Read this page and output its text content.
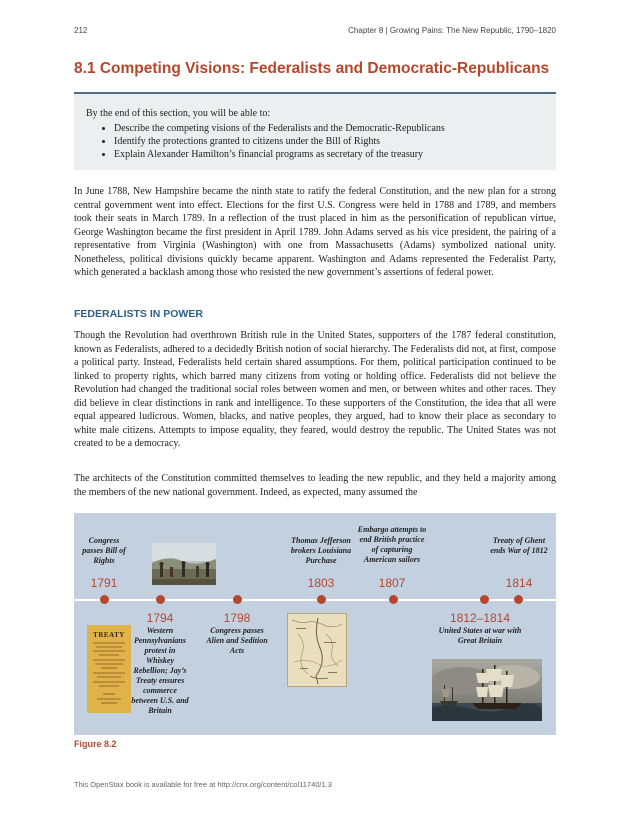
212	Chapter 8 | Growing Pains: The New Republic, 1790–1820
8.1 Competing Visions: Federalists and Democratic-Republicans
By the end of this section, you will be able to:
• Describe the competing visions of the Federalists and the Democratic-Republicans
• Identify the protections granted to citizens under the Bill of Rights
• Explain Alexander Hamilton’s financial programs as secretary of the treasury

In June 1788, New Hampshire became the ninth state to ratify the federal Constitution, and the new plan for a strong central government went into effect. Elections for the first U.S. Congress were held in 1788 and 1789, and members took their seats in March 1789. In a reflection of the trust placed in him as the personification of republican virtue, George Washington became the first president in April 1789. John Adams served as his vice president, the pairing of a representative from Virginia (Washington) with one from Massachusetts (Adams) symbolized national unity. Nonetheless, political divisions quickly became apparent. Washington and Adams represented the Federalist Party, which generated a backlash among those who resisted the new government’s assertions of federal power.

FEDERALISTS IN POWER

Though the Revolution had overthrown British rule in the United States, supporters of the 1787 federal constitution, known as Federalists, adhered to a decidedly British notion of social hierarchy. The Federalists did not, at first, compose a political party. Instead, Federalists held certain shared assumptions. For them, political participation continued to be linked to property rights, which barred many citizens from voting or holding office. Federalists did not believe the Revolution had changed the traditional social roles between women and men, or between whites and other races. They did believe in clear distinctions in rank and intelligence. To these supporters of the Constitution, the idea that all were equal appeared ludicrous. Women, blacks, and native peoples, they argued, had to know their place as secondary to white male citizens. Attempts to impose equality, they feared, would destroy the republic. The United States was not created to be a democracy.

The architects of the Constitution committed themselves to leading the new republic, and they held a majority among the members of the new national government. Indeed, as expected, many assumed the

Congress passes Bill of Rights
1791
1794
Western Pennsylvanians protest in Whiskey Rebellion; Jay’s Treaty ensures commerce between U.S. and Britain
1798
Congress passes Alien and Sedition Acts
Thomas Jefferson brokers Louisiana Purchase
1803
Embargo attempts to end British practice of capturing American sailors
1807
1812–1814
United States at war with Great Britain
Treaty of Ghent ends War of 1812
1814
TREATY
Figure 8.2
This OpenStax book is available for free at http://cnx.org/content/col11740/1.3
